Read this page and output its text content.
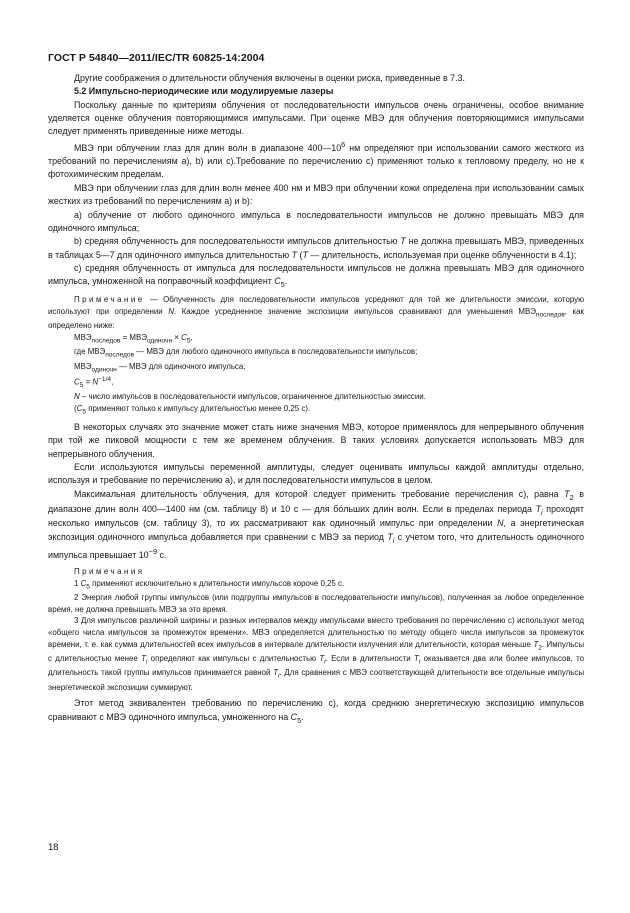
ГОСТ Р 54840—2011/IEC/TR 60825-14:2004

Другие соображения о длительности облучения включены в оценки риска, приведенные в 7.3.

5.2 Импульсно-периодические или модулируемые лазеры

Поскольку данные по критериям облучения от последовательности импульсов очень ограничены, особое внимание уделяется оценке облучения повторяющимися импульсами. При оценке МВЭ для облучения повторяющимися импульсами следует применять приведенные ниже методы.

МВЭ при облучении глаз для длин волн в диапазоне $400—10^6$ нм определяют при использовании самого жесткого из требований по перечислениям а), b) или с).Требование по перечислению с) применяют только к тепловому пределу, но не к фотохимическим пределам.

МВЭ при облучении глаз для длин волн менее 400 нм и МВЭ при облучении кожи определена при использовании самых жестких из требований по перечислениям а) и b):

а) облучение от любого одиночного импульса в последовательности импульсов не должно превышать МВЭ для одиночного импульса;

b) средняя облученность для последовательности импульсов длительностью Т не должна превышать МВЭ, приведенных в таблицах 5—7 для одиночного импульса длительностью Т (Т — длительность, используемая при оценке облученности в 4.1);

с) средняя облученность от импульса для последовательности импульсов не должна превышать МВЭ для одиночного импульса, умноженной на поправочный коэффициент $С_5$.

Примечание — Облученность для последовательности импульсов усредняют для той же длительности эмиссии, которую используют при определении N. Каждое усредненное значение экспозиции импульсов сравнивают для уменьшения $МВЭ_{последов}$, как определено ниже:

$МВЭ_{последов} = МВЭ_{одиночн} \times С_5$,

где $МВЭ_{последов}$ — МВЭ для любого одиночного импульса в последовательности импульсов;

$МВЭ_{одиночн}$ — МВЭ для одиночного импульса;

$С_5 = N^{-1/4}$,

N – число импульсов в последовательности импульсов, ограниченное длительностью эмиссии.

($С_5$ применяют только к импульсу длительностью менее 0,25 с).

В некоторых случаях это значение может стать ниже значения МВЭ, которое применялось для непрерывного облучения при той же пиковой мощности с тем же временем облучения. В таких условиях допускается использовать МВЭ для непрерывного облучения.

Если используются импульсы переменной амплитуды, следует оценивать импульсы каждой амплитуды отдельно, используя и требование по перечислению а), и для последовательности импульсов в целом.

Максимальная длительность облучения, для которой следует применить требование перечисления с), равна $Т_2$ в диапазоне длин волн 400—1400 нм (см. таблицу 8) и 10 с — для бо́льших длин волн. Если в пределах периода $T_i$ проходят несколько импульсов (см. таблицу 3), то их рассматривают как одиночный импульс при определении N, а энергетическая экспозиция одиночного импульса добавляется при сравнении с МВЭ за период $T_i$ с учетом того, что длительность одиночного импульса превышает $10^{-9}$ с.

Примечания

1 $С_5$ применяют исключительно к длительности импульсов короче 0,25 с.

2 Энергия любой группы импульсов (или подгруппы импульсов в последовательности импульсов), полученная за любое определенное время, не должна превышать МВЭ за это время.

3 Для импульсов различной ширины и разных интервалов между импульсами вместо требования по перечислению с) используют метод «общего числа импульсов за промежуток времени». МВЭ определяется длительностью по методу общего числа импульсов за промежуток времени, т. е. как сумма длительностей всех импульсов в интервале длительности излучения или длительности, которая меньше $Т_2$. Импульсы с длительностью менее $T_i$ определяют как импульсы с длительностью $T_i$. Если в длительности $T_i$ оказывается два или более импульсов, то длительность такой группы импульсов принимается равной $T_i$. Для сравнения с МВЭ соответствующей длительности все отдельные импульсы энергетической экспозиции суммируют.

Этот метод эквивалентен требованию по перечислению с), когда среднюю энергетическую экспозицию импульсов сравнивают с МВЭ одиночного импульса, умноженного на $С_5$.

18
